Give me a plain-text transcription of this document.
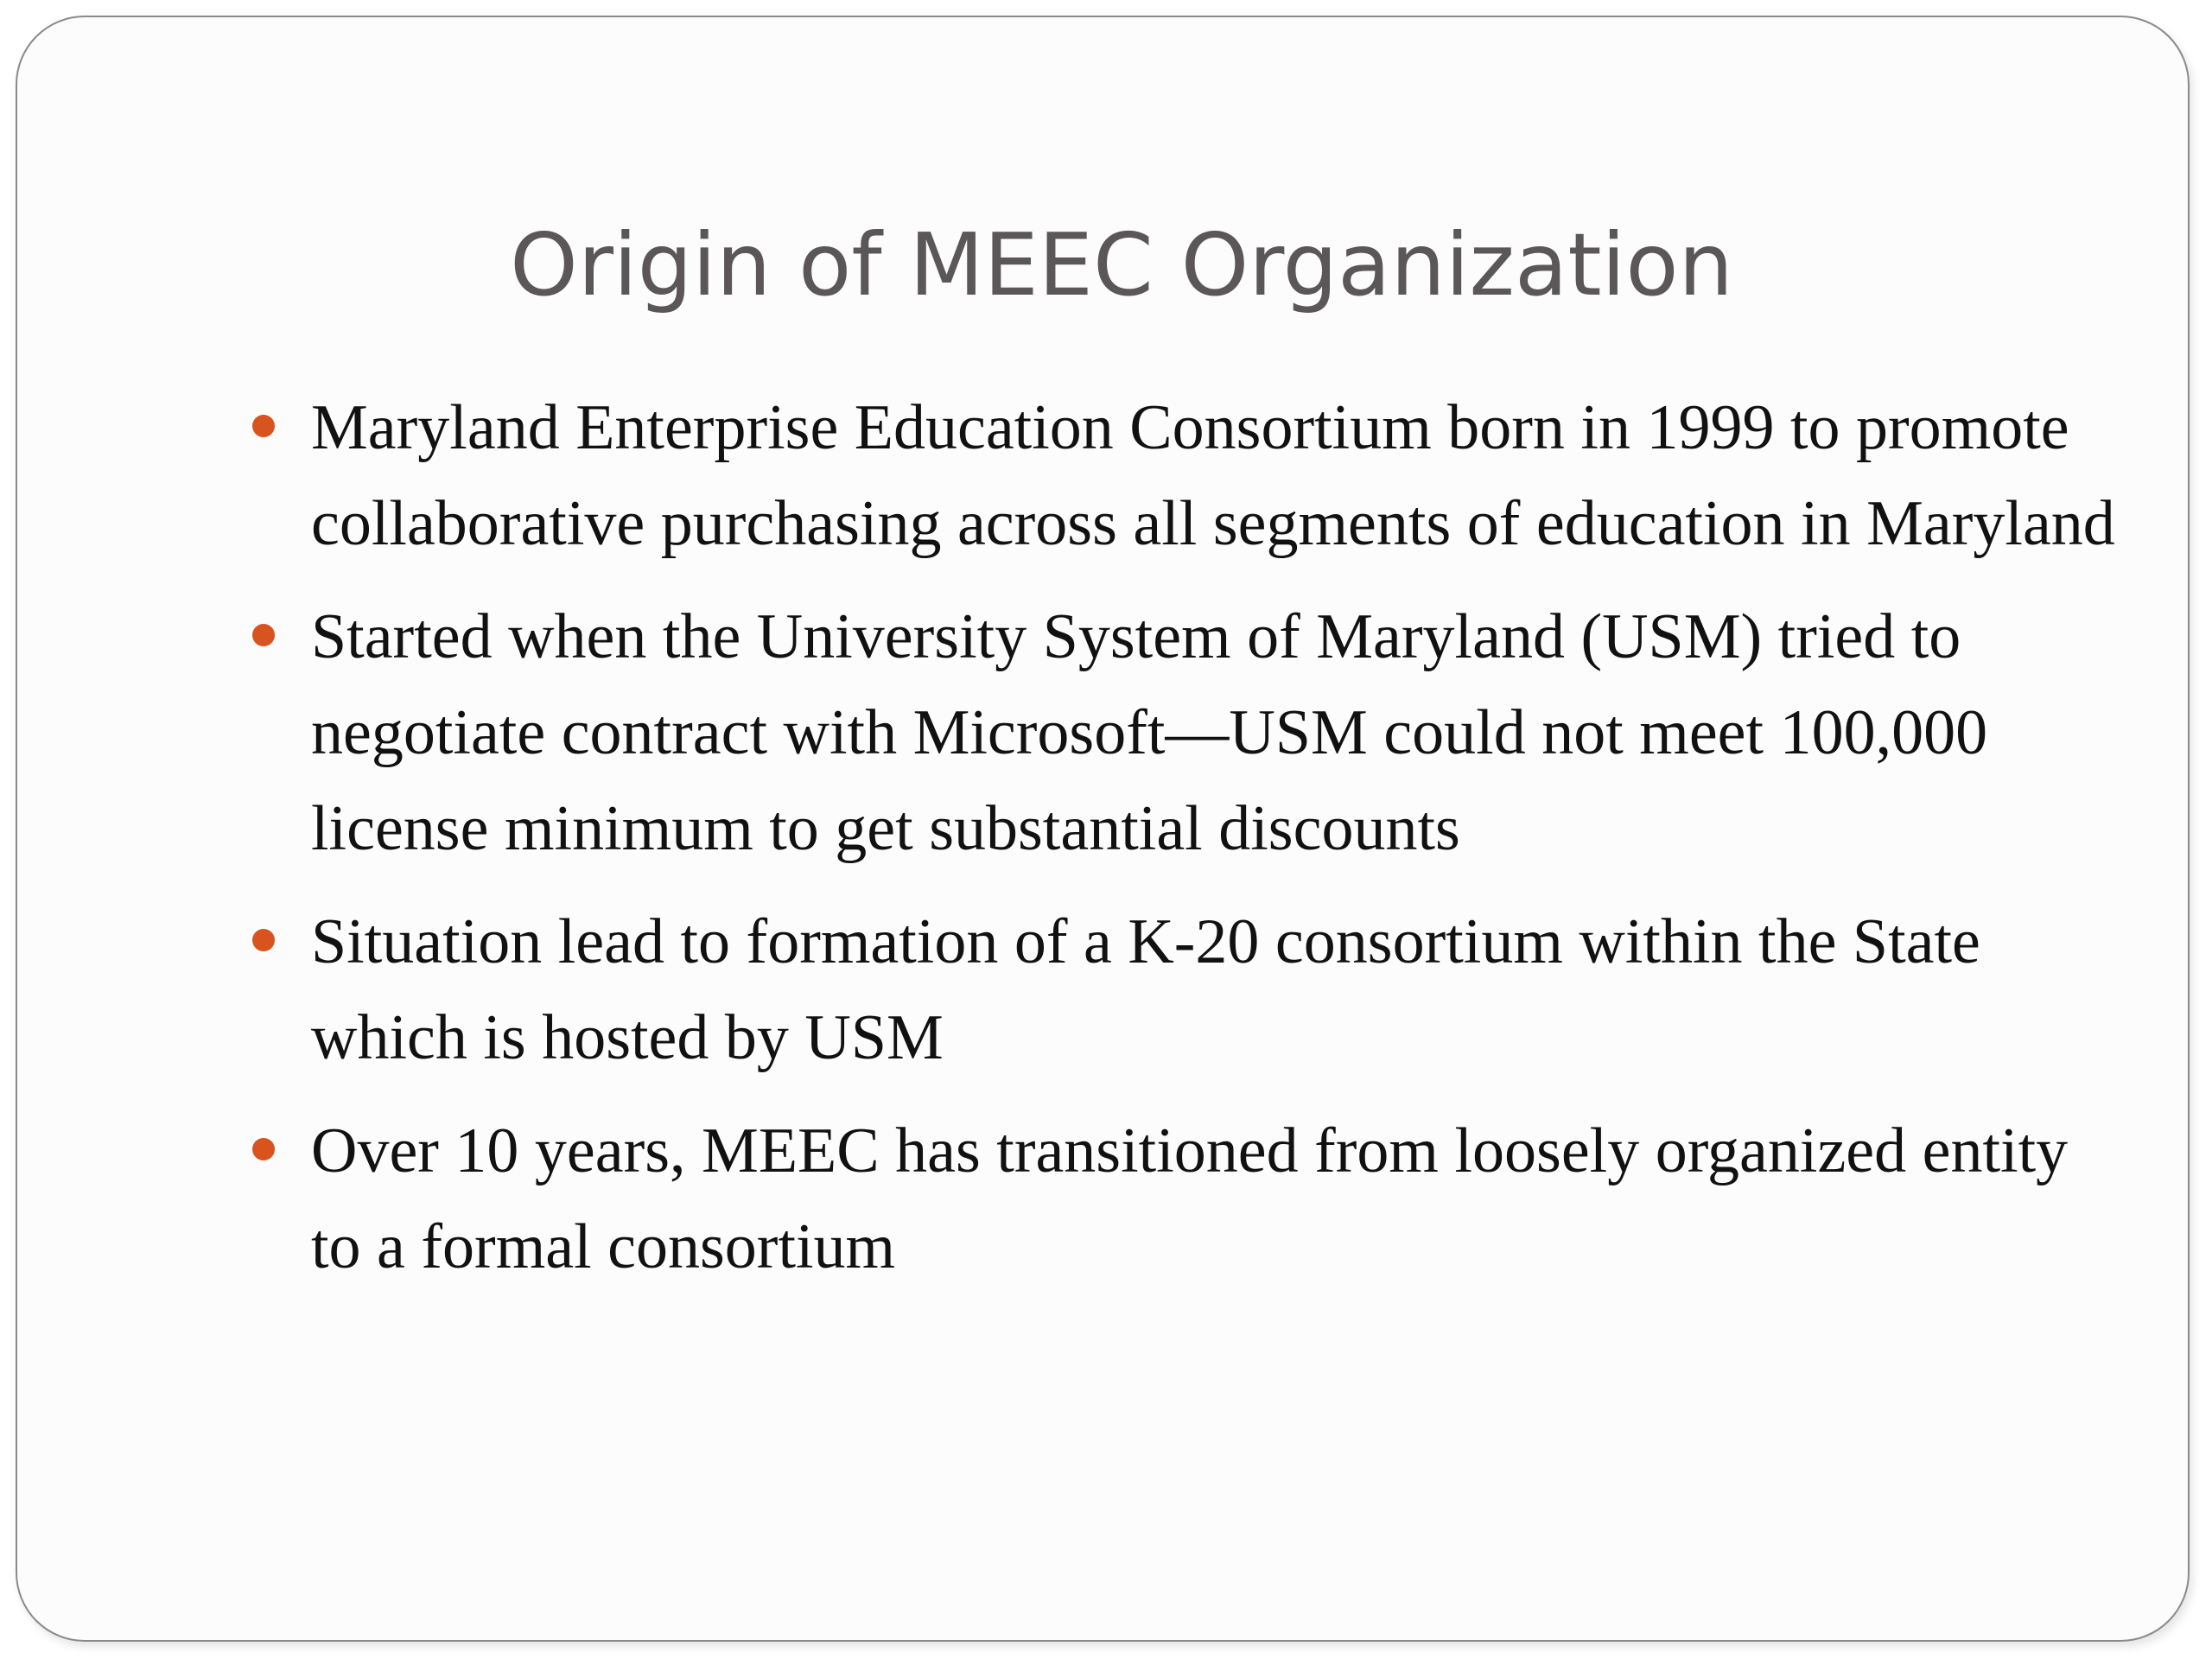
Origin of MEEC Organization
Maryland Enterprise Education Consortium born in 1999 to promote collaborative purchasing across all segments of education in Maryland
Started when the University System of Maryland (USM) tried to negotiate contract with Microsoft—USM could not meet 100,000 license minimum to get substantial discounts
Situation lead to formation of a K-20 consortium within the State which is hosted by USM
Over 10 years, MEEC has transitioned from loosely organized entity to a formal consortium
